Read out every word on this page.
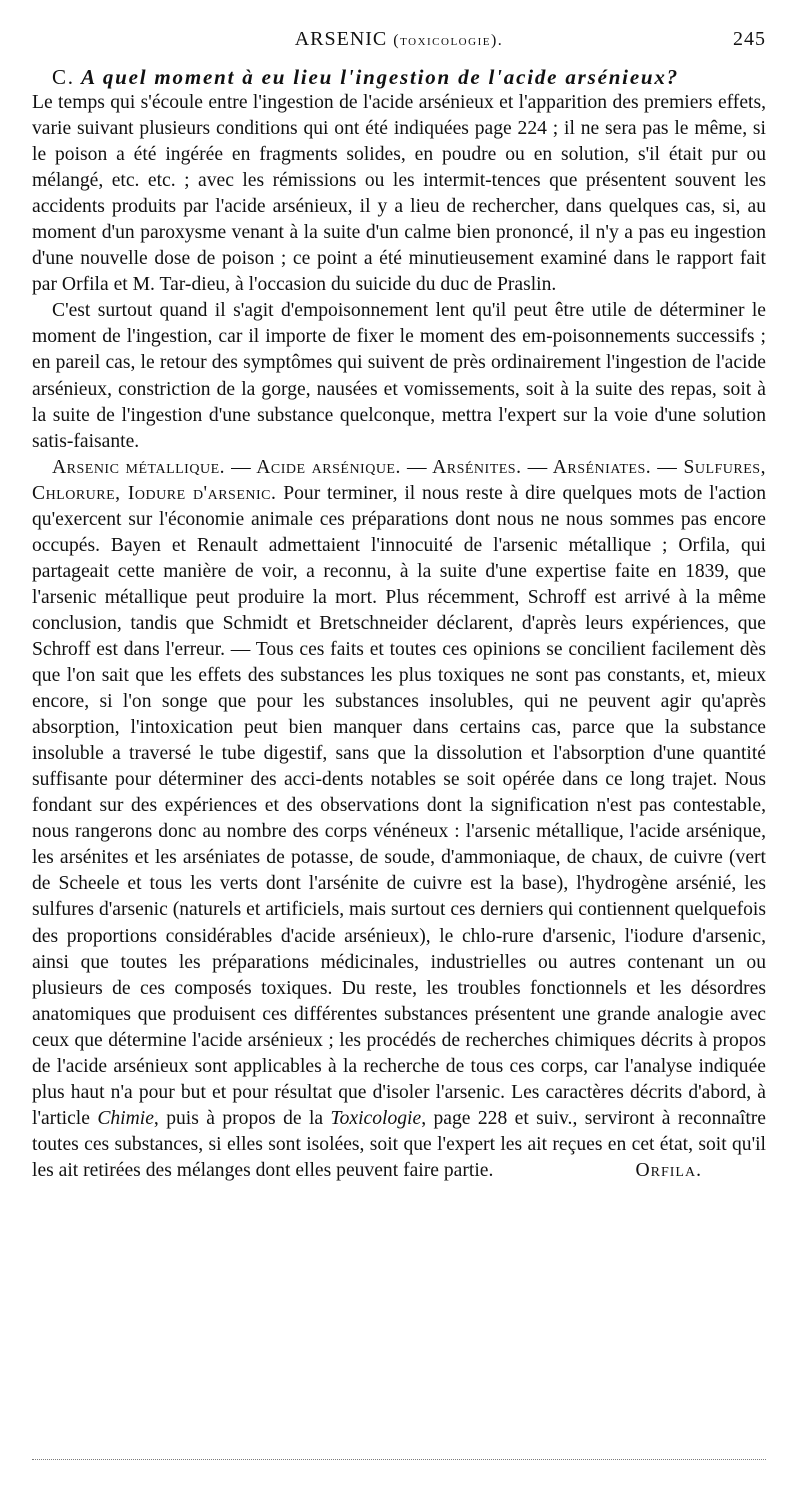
ARSENIC (toxicologie).	245
C. A quel moment à eu lieu l'ingestion de l'acide arsénieux?

Le temps qui s'écoule entre l'ingestion de l'acide arsénieux et l'apparition des premiers effets, varie suivant plusieurs conditions qui ont été indiquées page 224 ; il ne sera pas le même, si le poison a été ingérée en fragments solides, en poudre ou en solution, s'il était pur ou mélangé, etc. etc. ; avec les rémissions ou les intermit-tences que présentent souvent les accidents produits par l'acide arsénieux, il y a lieu de rechercher, dans quelques cas, si, au moment d'un paroxysme venant à la suite d'un calme bien prononcé, il n'y a pas eu ingestion d'une nouvelle dose de poison ; ce point a été minutieusement examiné dans le rapport fait par Orfila et M. Tar-dieu, à l'occasion du suicide du duc de Praslin.

C'est surtout quand il s'agit d'empoisonnement lent qu'il peut être utile de déterminer le moment de l'ingestion, car il importe de fixer le moment des em-poisonnements successifs ; en pareil cas, le retour des symptômes qui suivent de près ordinairement l'ingestion de l'acide arsénieux, constriction de la gorge, nausées et vomissements, soit à la suite des repas, soit à la suite de l'ingestion d'une substance quelconque, mettra l'expert sur la voie d'une solution satis-faisante.

Arsenic métallique. — Acide arsénique. — Arsénites. — Arséniates. — Sulfures, Chlorure, Iodure d'arsenic. Pour terminer, il nous reste à dire quelques mots de l'action qu'exercent sur l'économie animale ces préparations dont nous ne nous sommes pas encore occupés. Bayen et Renault admettaient l'innocuité de l'arsenic métallique ; Orfila, qui partageait cette manière de voir, a reconnu, à la suite d'une expertise faite en 1839, que l'arsenic métallique peut produire la mort. Plus récemment, Schroff est arrivé à la même conclusion, tandis que Schmidt et Bretschneider déclarent, d'après leurs expériences, que Schroff est dans l'erreur. — Tous ces faits et toutes ces opinions se concilient facilement dès que l'on sait que les effets des substances les plus toxiques ne sont pas constants, et, mieux encore, si l'on songe que pour les substances insolubles, qui ne peuvent agir qu'après absorption, l'intoxication peut bien manquer dans certains cas, parce que la substance insoluble a traversé le tube digestif, sans que la dissolution et l'absorption d'une quantité suffisante pour déterminer des acci-dents notables se soit opérée dans ce long trajet. Nous fondant sur des expériences et des observations dont la signification n'est pas contestable, nous rangerons donc au nombre des corps vénéneux : l'arsenic métallique, l'acide arsénique, les arsénites et les arséniates de potasse, de soude, d'ammoniaque, de chaux, de cuivre (vert de Scheele et tous les verts dont l'arsénite de cuivre est la base), l'hydrogène arsénié, les sulfures d'arsenic (naturels et artificiels, mais surtout ces derniers qui contiennent quelquefois des proportions considérables d'acide arsénieux), le chlo-rure d'arsenic, l'iodure d'arsenic, ainsi que toutes les préparations médicinales, industrielles ou autres contenant un ou plusieurs de ces composés toxiques. Du reste, les troubles fonctionnels et les désordres anatomiques que produisent ces différentes substances présentent une grande analogie avec ceux que détermine l'acide arsénieux ; les procédés de recherches chimiques décrits à propos de l'acide arsénieux sont applicables à la recherche de tous ces corps, car l'analyse indiquée plus haut n'a pour but et pour résultat que d'isoler l'arsenic. Les caractères décrits d'abord, à l'article Chimie, puis à propos de la Toxicologie, page 228 et suiv., serviront à reconnaître toutes ces substances, si elles sont isolées, soit que l'expert les ait reçues en cet état, soit qu'il les ait retirées des mélanges dont elles peuvent faire partie.	Orfila.
